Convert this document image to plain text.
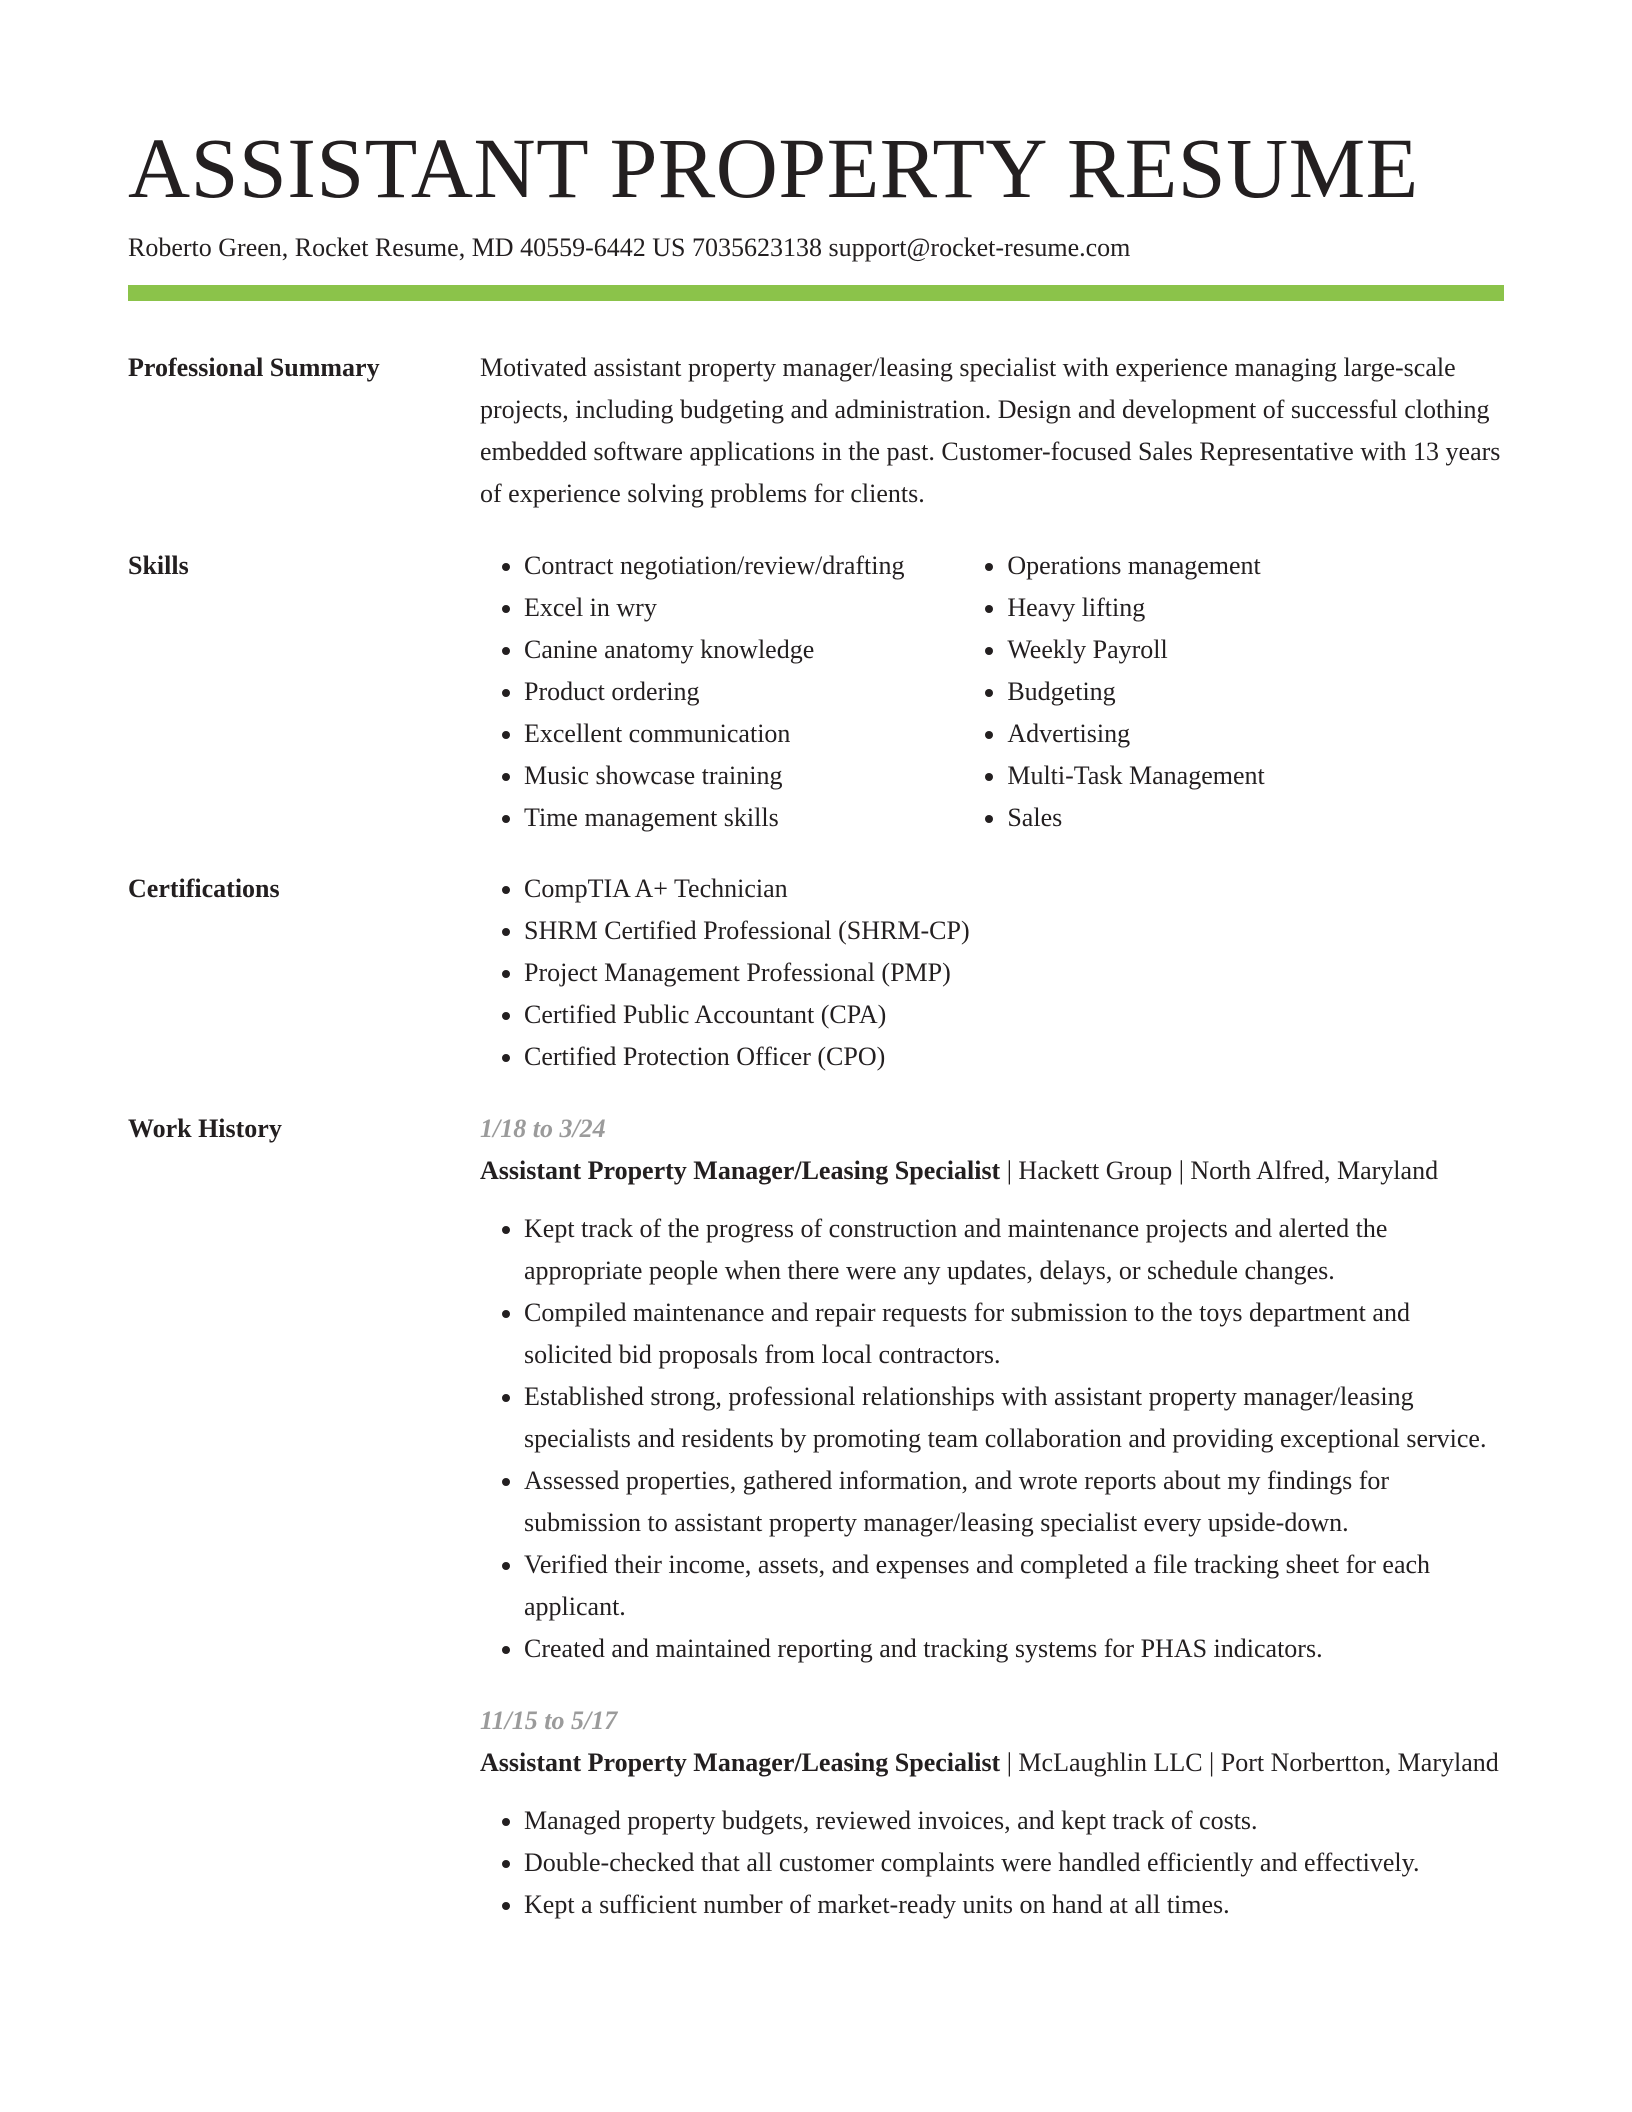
ASSISTANT PROPERTY RESUME
Roberto Green, Rocket Resume, MD 40559-6442 US 7035623138 support@rocket-resume.com
Professional Summary	Motivated assistant property manager/leasing specialist with experience managing large-scale projects, including budgeting and administration. Design and development of successful clothing embedded software applications in the past. Customer-focused Sales Representative with 13 years of experience solving problems for clients.

Skills	• Contract negotiation/review/drafting
• Excel in wry
• Canine anatomy knowledge
• Product ordering
• Excellent communication
• Music showcase training
• Time management skills
• Operations management
• Heavy lifting
• Weekly Payroll
• Budgeting
• Advertising
• Multi-Task Management
• Sales
Certifications	• CompTIA A+ Technician
• SHRM Certified Professional (SHRM-CP)
• Project Management Professional (PMP)
• Certified Public Accountant (CPA)
• Certified Protection Officer (CPO)
Work History	1/18 to 3/24

Assistant Property Manager/Leasing Specialist | Hackett Group | North Alfred, Maryland

• Kept track of the progress of construction and maintenance projects and alerted the appropriate people when there were any updates, delays, or schedule changes.
• Compiled maintenance and repair requests for submission to the toys department and solicited bid proposals from local contractors.
• Established strong, professional relationships with assistant property manager/leasing specialists and residents by promoting team collaboration and providing exceptional service.
• Assessed properties, gathered information, and wrote reports about my findings for submission to assistant property manager/leasing specialist every upside-down.
• Verified their income, assets, and expenses and completed a file tracking sheet for each applicant.
• Created and maintained reporting and tracking systems for PHAS indicators.
11/15 to 5/17

Assistant Property Manager/Leasing Specialist | McLaughlin LLC | Port Norbertton, Maryland

• Managed property budgets, reviewed invoices, and kept track of costs.
• Double-checked that all customer complaints were handled efficiently and effectively.
• Kept a sufficient number of market-ready units on hand at all times.
